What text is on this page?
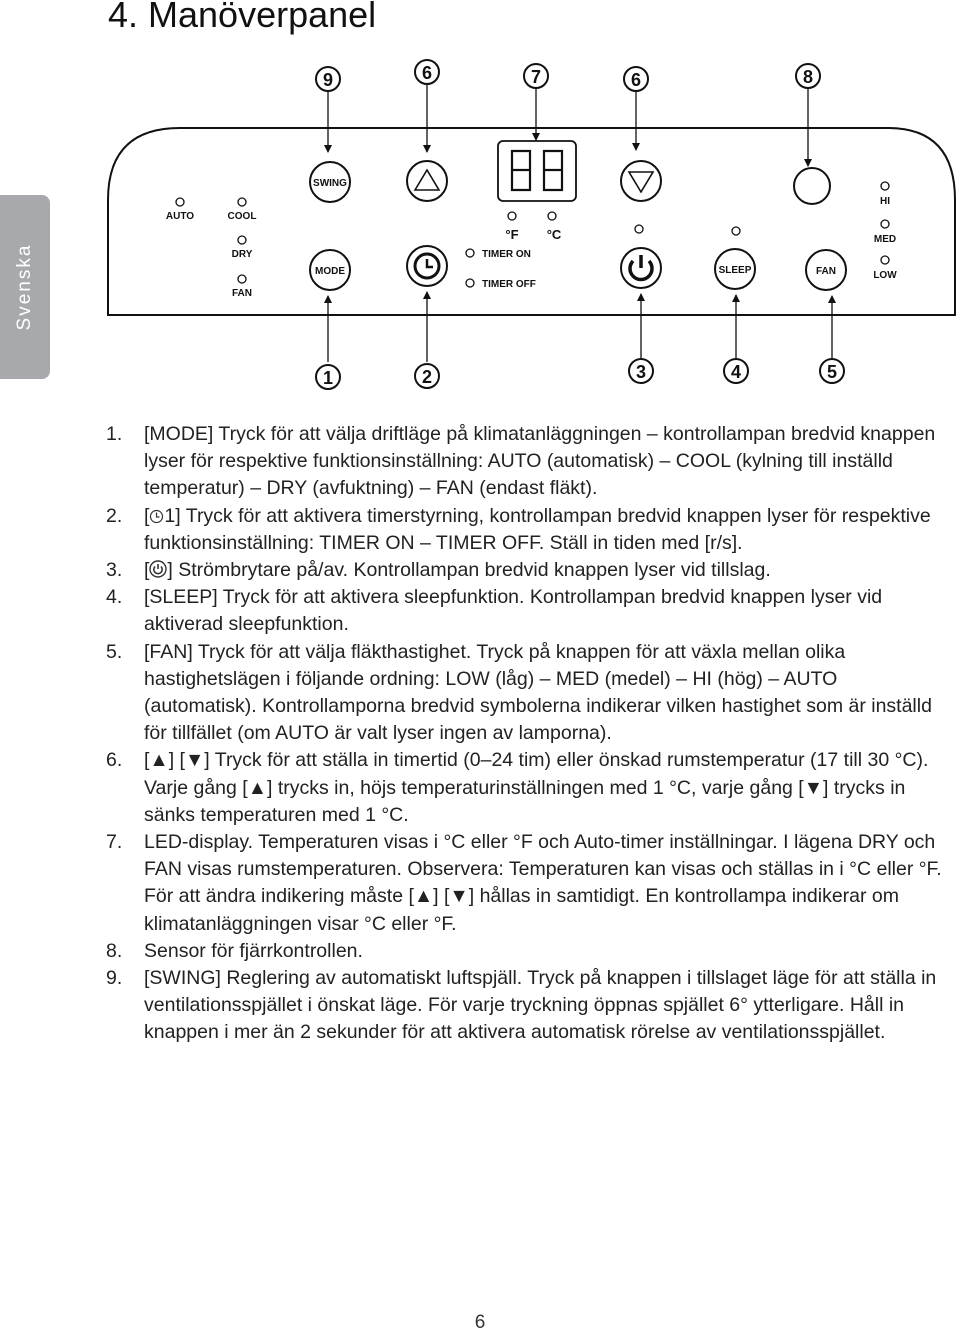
4. Manöverpanel
Svenska
9	6	7	6	8
AUTO	COOL
DRY
FAN
SWING
MODE
°F °C
TIMER ON
TIMER OFF
SLEEP	FAN
HI
MED
LOW
1	2	3	4	5
1. [MODE] Tryck för att välja driftläge på klimatanläggningen – kontrollampan bredvid knappen lyser för respektive funktionsinställning: AUTO (automatisk) – COOL (kylning till inställd temperatur) – DRY (avfuktning) – FAN (endast fläkt).
2. [ 1] Tryck för att aktivera timerstyrning, kontrollampan bredvid knappen lyser för respektive funktionsinställning: TIMER ON – TIMER OFF. Ställ in tiden med [r/s].
3. [ ] Strömbrytare på/av. Kontrollampan bredvid knappen lyser vid tillslag.
4. [SLEEP] Tryck för att aktivera sleepfunktion. Kontrollampan bredvid knappen lyser vid aktiverad sleepfunktion.
5. [FAN] Tryck för att välja fläkthastighet. Tryck på knappen för att växla mellan olika hastighetslägen i följande ordning: LOW (låg) – MED (medel) – HI (hög) – AUTO (automatisk). Kontrollamporna bredvid symbolerna indikerar vilken hastighet som är inställd för tillfället (om AUTO är valt lyser ingen av lamporna).
6. [▲] [▼] Tryck för att ställa in timertid (0–24 tim) eller önskad rumstemperatur (17 till 30 °C). Varje gång [▲] trycks in, höjs temperaturinställningen med 1 °C, varje gång [▼] trycks in sänks temperaturen med 1 °C.
7. LED-display. Temperaturen visas i °C eller °F och Auto-timer inställningar. I lägena DRY och FAN visas rumstemperaturen. Observera: Temperaturen kan visas och ställas in i °C eller °F. För att ändra indikering måste [▲] [▼] hållas in samtidigt. En kontrollampa indikerar om klimatanläggningen visar °C eller °F.
8. Sensor för fjärrkontrollen.
9. [SWING] Reglering av automatiskt luftspjäll. Tryck på knappen i tillslaget läge för att ställa in ventilationsspjället i önskat läge. För varje tryckning öppnas spjället 6° ytterligare. Håll in knappen i mer än 2 sekunder för att aktivera automatisk rörelse av ventilationsspjället.
6
